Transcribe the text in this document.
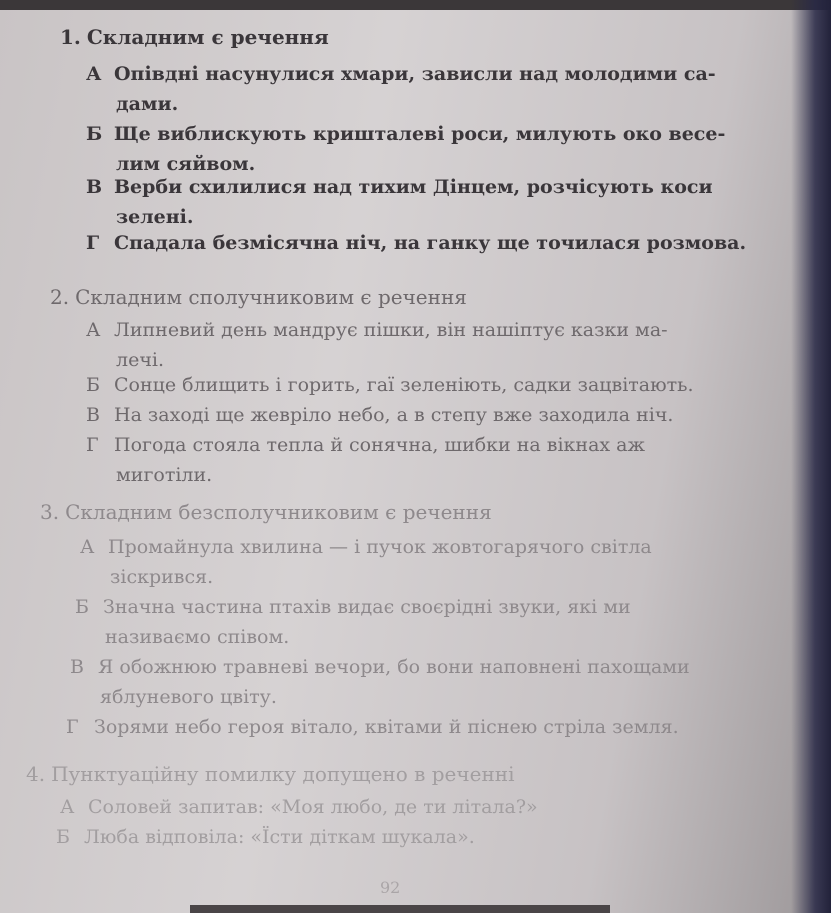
1. Складним є речення

А Опівдні насунулися хмари, зависли над молодими са-
дами.
Б Ще виблискують кришталеві роси, милують око весе-
лим сяйвом.
В Верби схилилися над тихим Дінцем, розчісують коси
зелені.
Г Спадала безмісячна ніч, на ганку ще точилася розмова.

2. Складним сполучниковим є речення

А Липневий день мандрує пішки, він нашіптує казки ма-
лечі.
Б Сонце блищить і горить, гаї зеленіють, садки зацвітають.
В На заході ще жевріло небо, а в степу вже заходила ніч.
Г Погода стояла тепла й сонячна, шибки на вікнах аж
миготіли.

3. Складним безсполучниковим є речення

А Промайнула хвилина — і пучок жовтогарячого світла
зіскрився.
Б Значна частина птахів видає своєрідні звуки, які ми
називаємо співом.
В Я обожнюю травневі вечори, бо вони наповнені пахощами
яблуневого цвіту.
Г Зорями небо героя вітало, квітами й піснею стріла земля.

4. Пунктуаційну помилку допущено в реченні

А Соловей запитав: «Моя любо, де ти літала?»
Б Люба відповіла: «Їсти діткам шукала».
92
